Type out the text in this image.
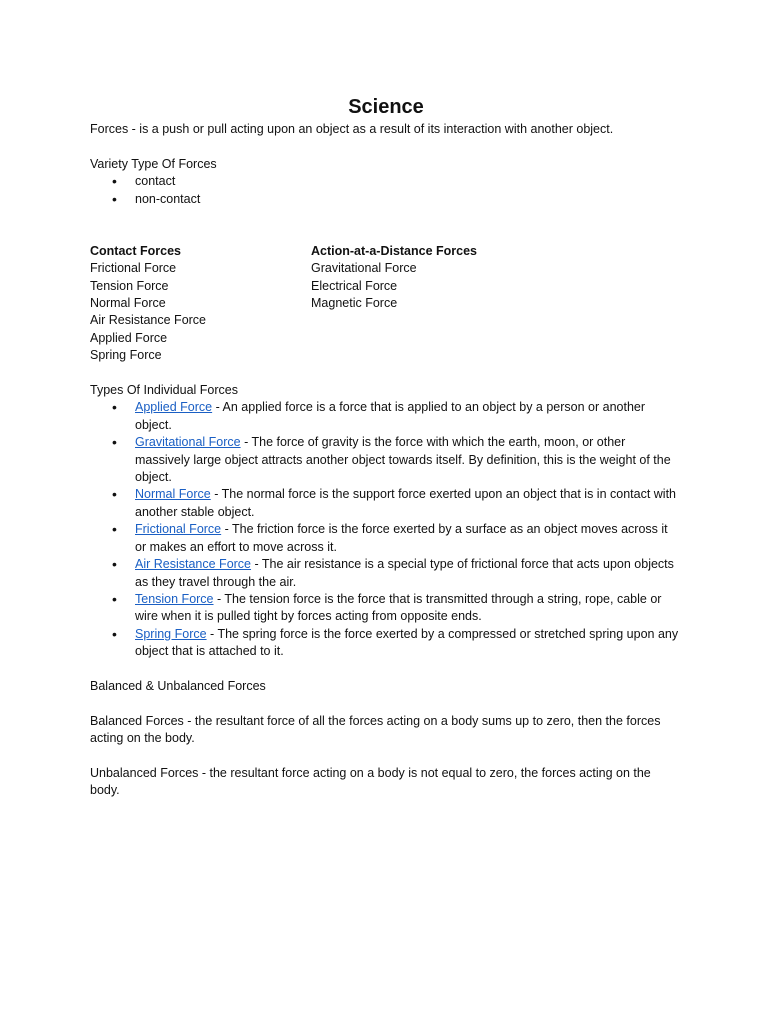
Science

Forces - is a push or pull acting upon an object as a result of its interaction with another object.

Variety Type Of Forces

• contact
• non-contact
Contact Forces
Frictional Force
Tension Force
Normal Force
Air Resistance Force
Applied Force
Spring Force
Action-at-a-Distance Forces
Gravitational Force
Electrical Force
Magnetic Force

Types Of Individual Forces

• Applied Force - An applied force is a force that is applied to an object by a person or another object.
• Gravitational Force - The force of gravity is the force with which the earth, moon, or other massively large object attracts another object towards itself. By definition, this is the weight of the object.
• Normal Force - The normal force is the support force exerted upon an object that is in contact with another stable object.
• Frictional Force - The friction force is the force exerted by a surface as an object moves across it or makes an effort to move across it.
• Air Resistance Force - The air resistance is a special type of frictional force that acts upon objects as they travel through the air.
• Tension Force - The tension force is the force that is transmitted through a string, rope, cable or wire when it is pulled tight by forces acting from opposite ends.
• Spring Force - The spring force is the force exerted by a compressed or stretched spring upon any object that is attached to it.

Balanced & Unbalanced Forces

Balanced Forces - the resultant force of all the forces acting on a body sums up to zero, then the forces acting on the body.

Unbalanced Forces - the resultant force acting on a body is not equal to zero, the forces acting on the body.
